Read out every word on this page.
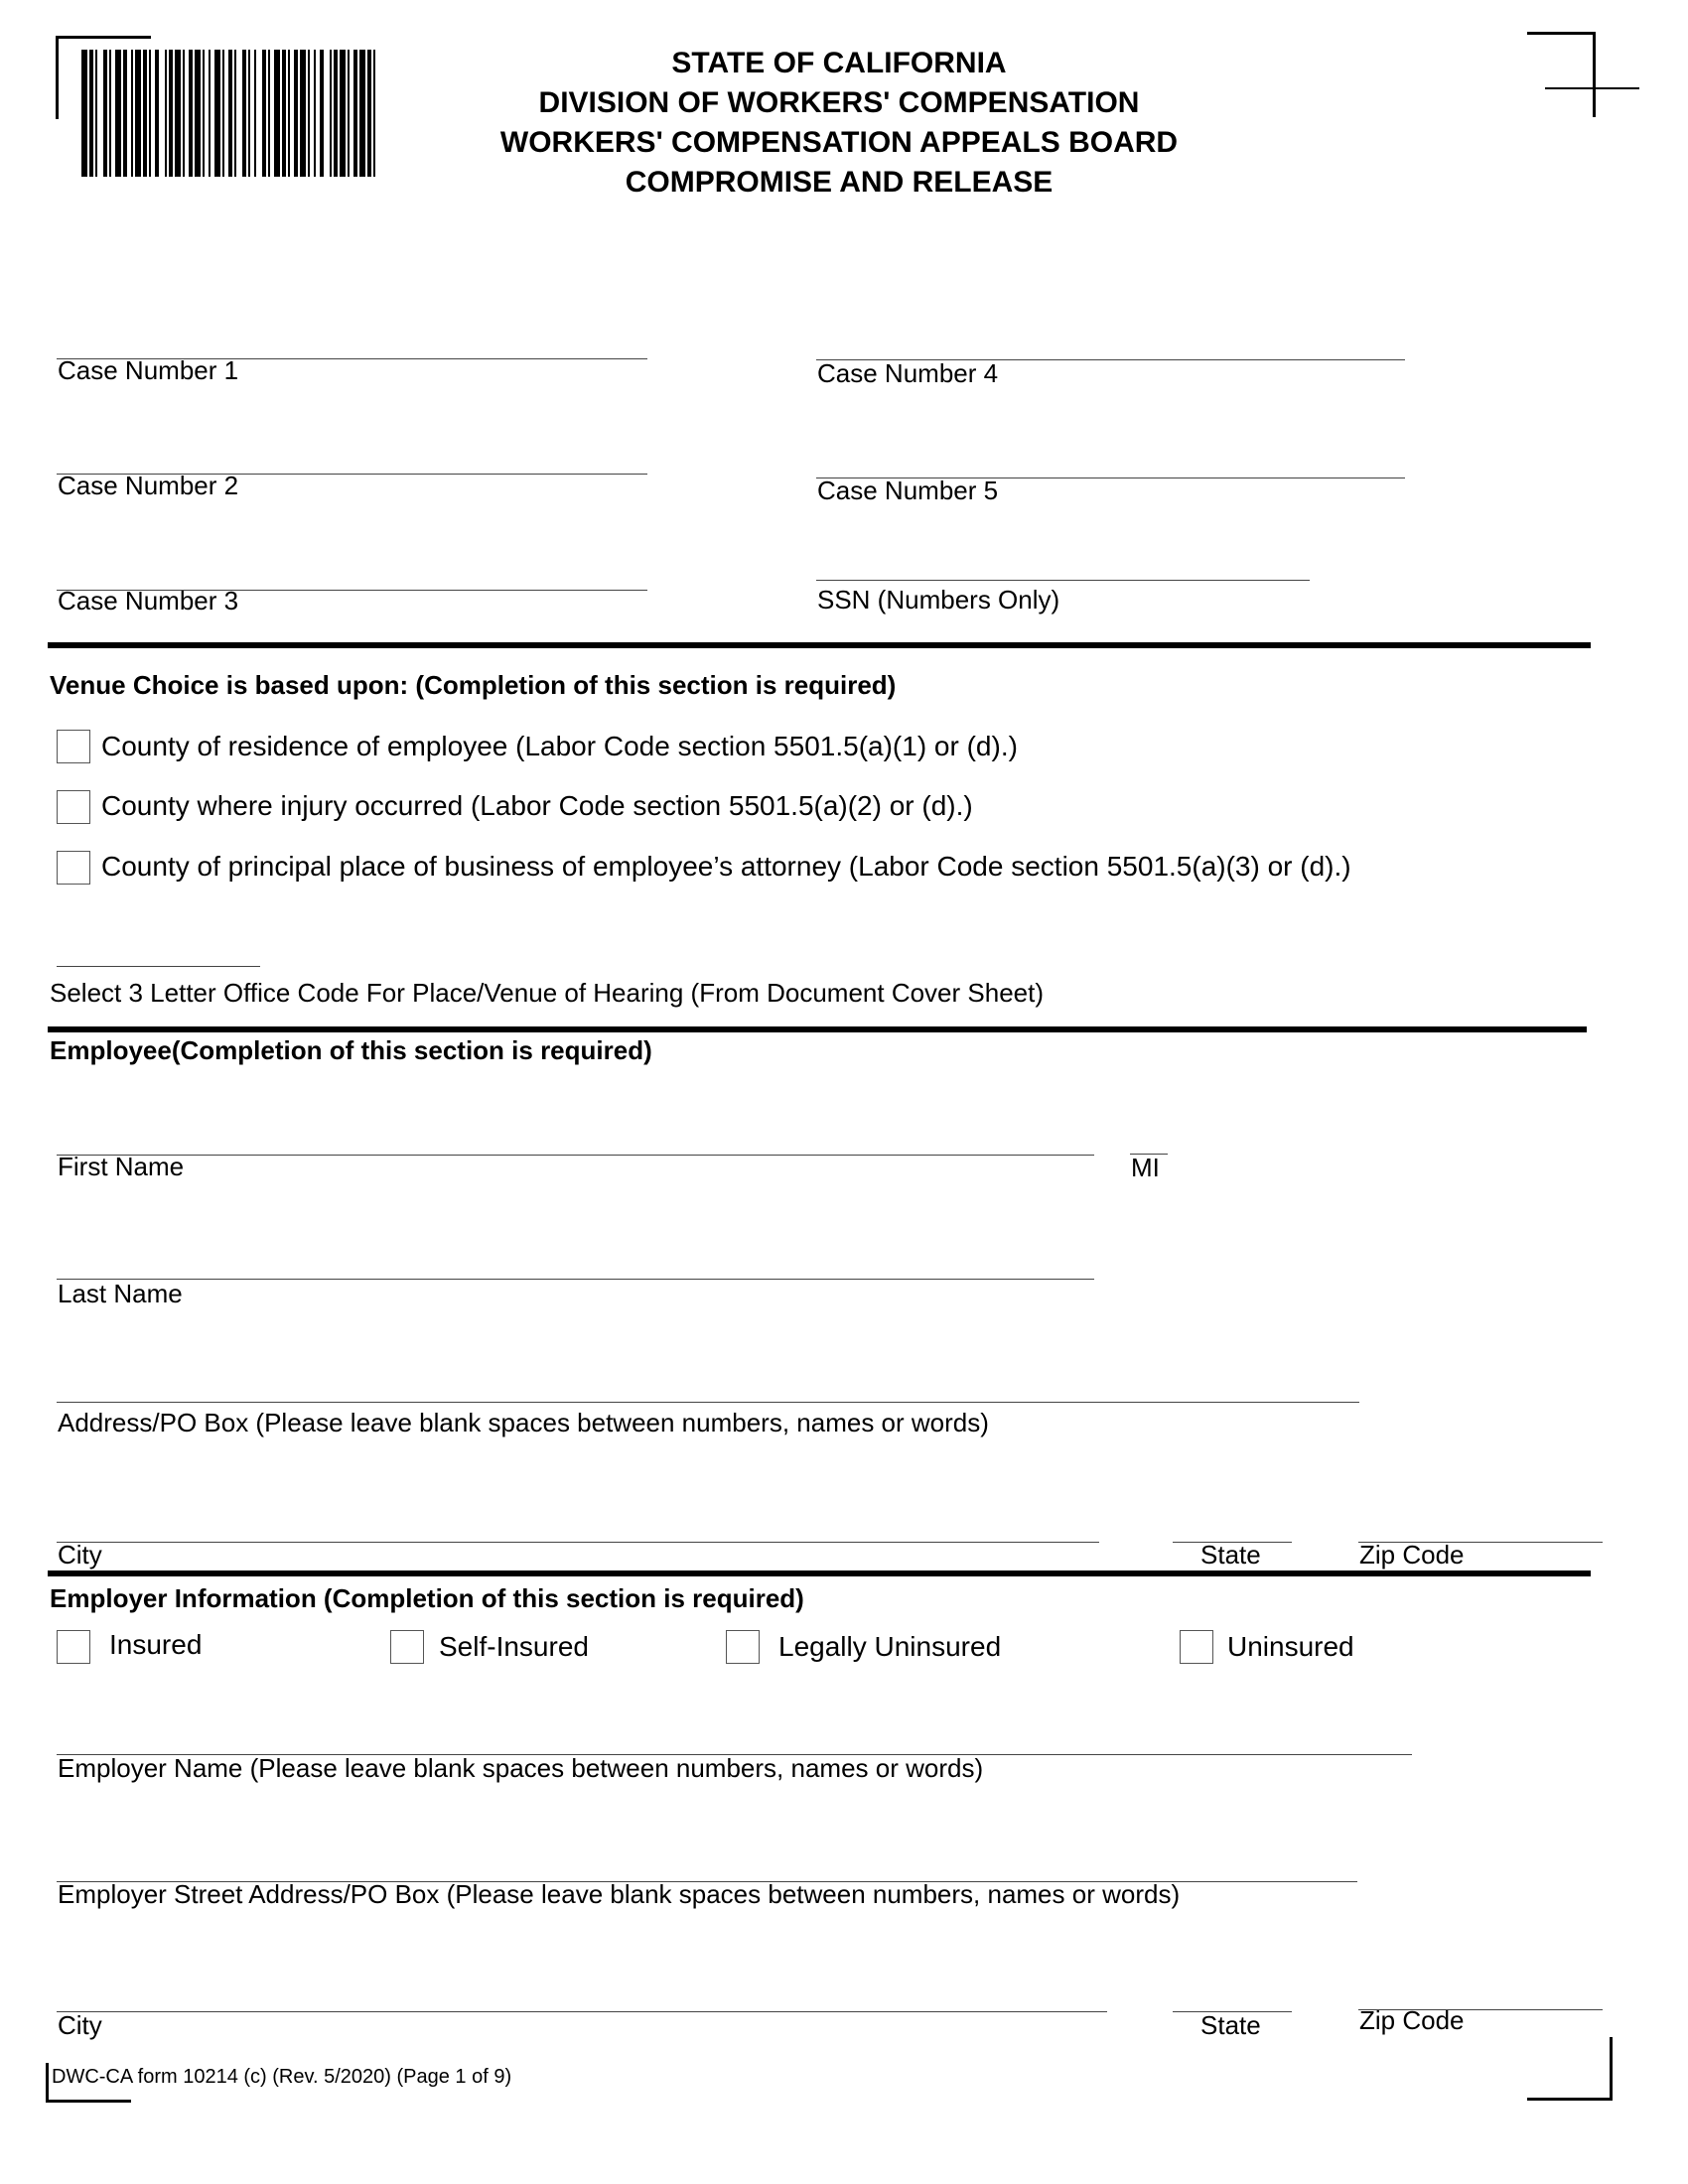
STATE OF CALIFORNIA
DIVISION OF WORKERS' COMPENSATION
WORKERS' COMPENSATION APPEALS BOARD
COMPROMISE AND RELEASE
Case Number 1
Case Number 2
Case Number 3
Case Number 4
Case Number 5
SSN (Numbers Only)
Venue Choice is based upon: (Completion of this section is required)
County of residence of employee (Labor Code section 5501.5(a)(1) or (d).)
County where injury occurred (Labor Code section 5501.5(a)(2) or (d).)
County of principal place of business of employee’s attorney (Labor Code section 5501.5(a)(3) or (d).)
Select 3 Letter Office Code For Place/Venue of Hearing (From Document Cover Sheet)
Employee(Completion of this section is required)
First Name	MI
Last Name
Address/PO Box (Please leave blank spaces between numbers, names or words)
City	State	Zip Code
Employer Information (Completion of this section is required)
Insured	Self-Insured	Legally Uninsured	Uninsured
Employer Name (Please leave blank spaces between numbers, names or words)
Employer Street Address/PO Box (Please leave blank spaces between numbers, names or words)
City	State	Zip Code
DWC-CA form 10214 (c) (Rev. 5/2020) (Page 1 of 9)
